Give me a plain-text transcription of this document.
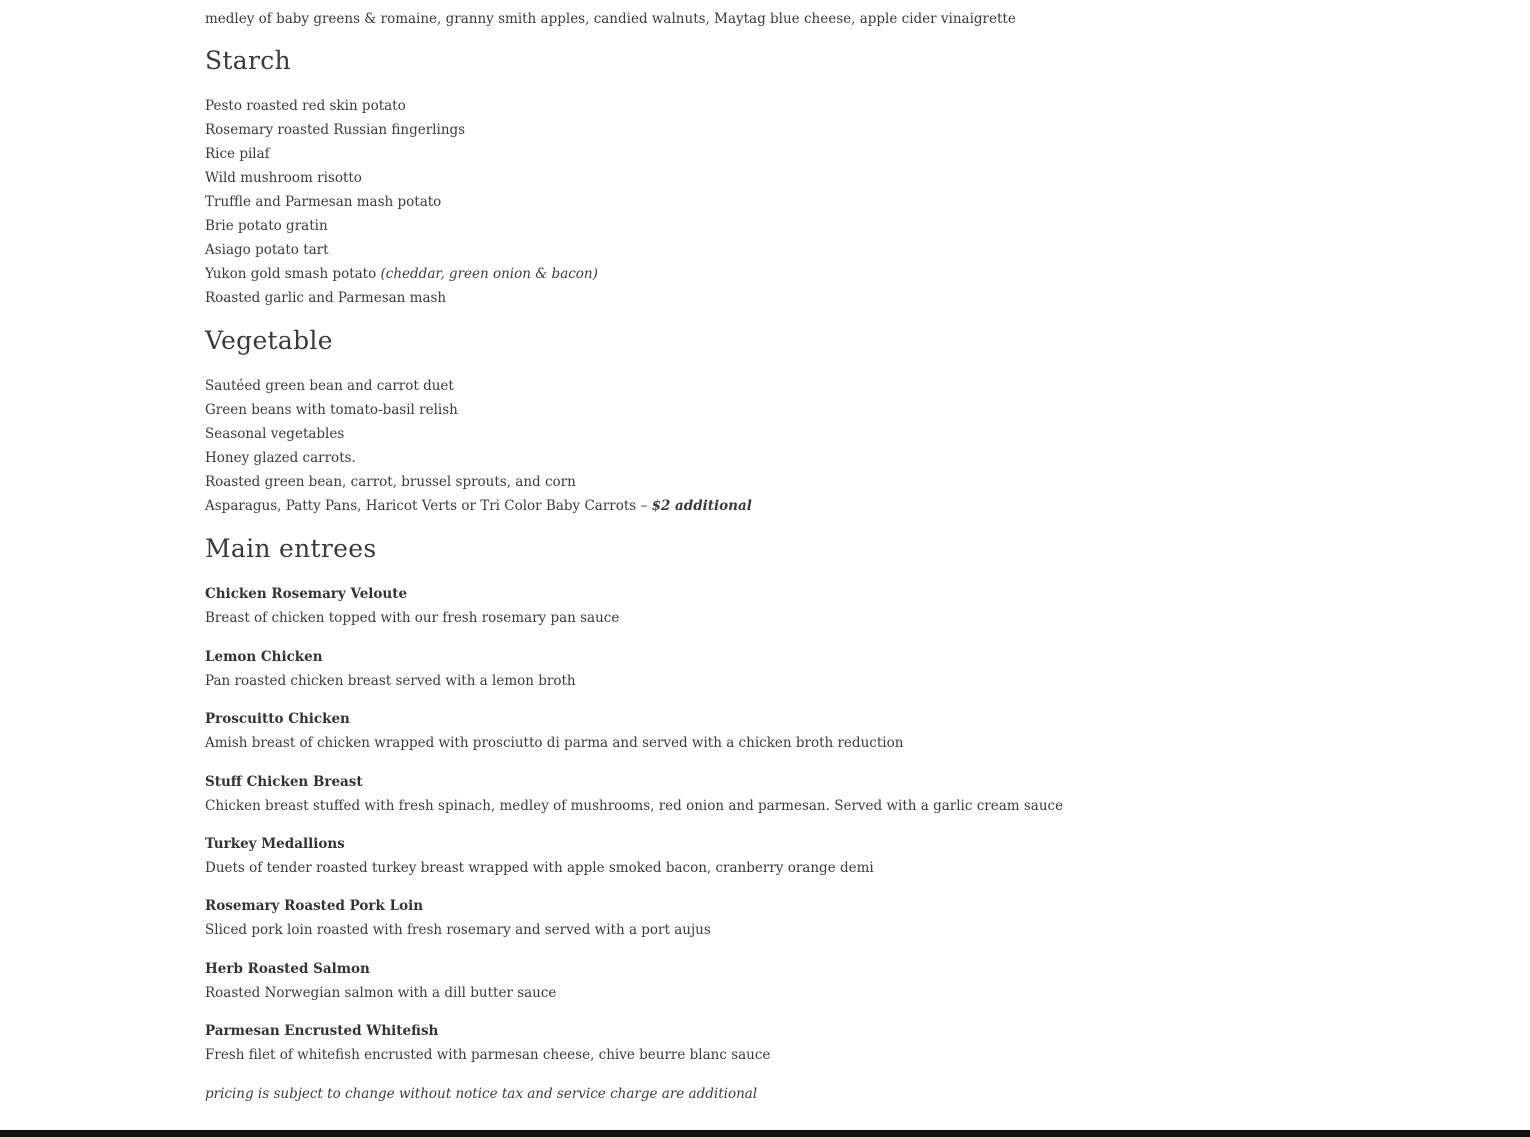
medley of baby greens & romaine, granny smith apples, candied walnuts, Maytag blue cheese, apple cider vinaigrette
Starch
Pesto roasted red skin potato
Rosemary roasted Russian fingerlings
Rice pilaf
Wild mushroom risotto
Truffle and Parmesan mash potato
Brie potato gratin
Asiago potato tart
Yukon gold smash potato (cheddar, green onion & bacon)
Roasted garlic and Parmesan mash
Vegetable
Sautéed green bean and carrot duet
Green beans with tomato-basil relish
Seasonal vegetables
Honey glazed carrots.
Roasted green bean, carrot, brussel sprouts, and corn
Asparagus, Patty Pans, Haricot Verts or Tri Color Baby Carrots – $2 additional
Main entrees
Chicken Rosemary Veloute
Breast of chicken topped with our fresh rosemary pan sauce
Lemon Chicken
Pan roasted chicken breast served with a lemon broth
Proscuitto Chicken
Amish breast of chicken wrapped with prosciutto di parma and served with a chicken broth reduction
Stuff Chicken Breast
Chicken breast stuffed with fresh spinach, medley of mushrooms, red onion and parmesan. Served with a garlic cream sauce
Turkey Medallions
Duets of tender roasted turkey breast wrapped with apple smoked bacon, cranberry orange demi
Rosemary Roasted Pork Loin
Sliced pork loin roasted with fresh rosemary and served with a port aujus
Herb Roasted Salmon
Roasted Norwegian salmon with a dill butter sauce
Parmesan Encrusted Whitefish
Fresh filet of whitefish encrusted with parmesan cheese, chive beurre blanc sauce
pricing is subject to change without notice tax and service charge are additional
